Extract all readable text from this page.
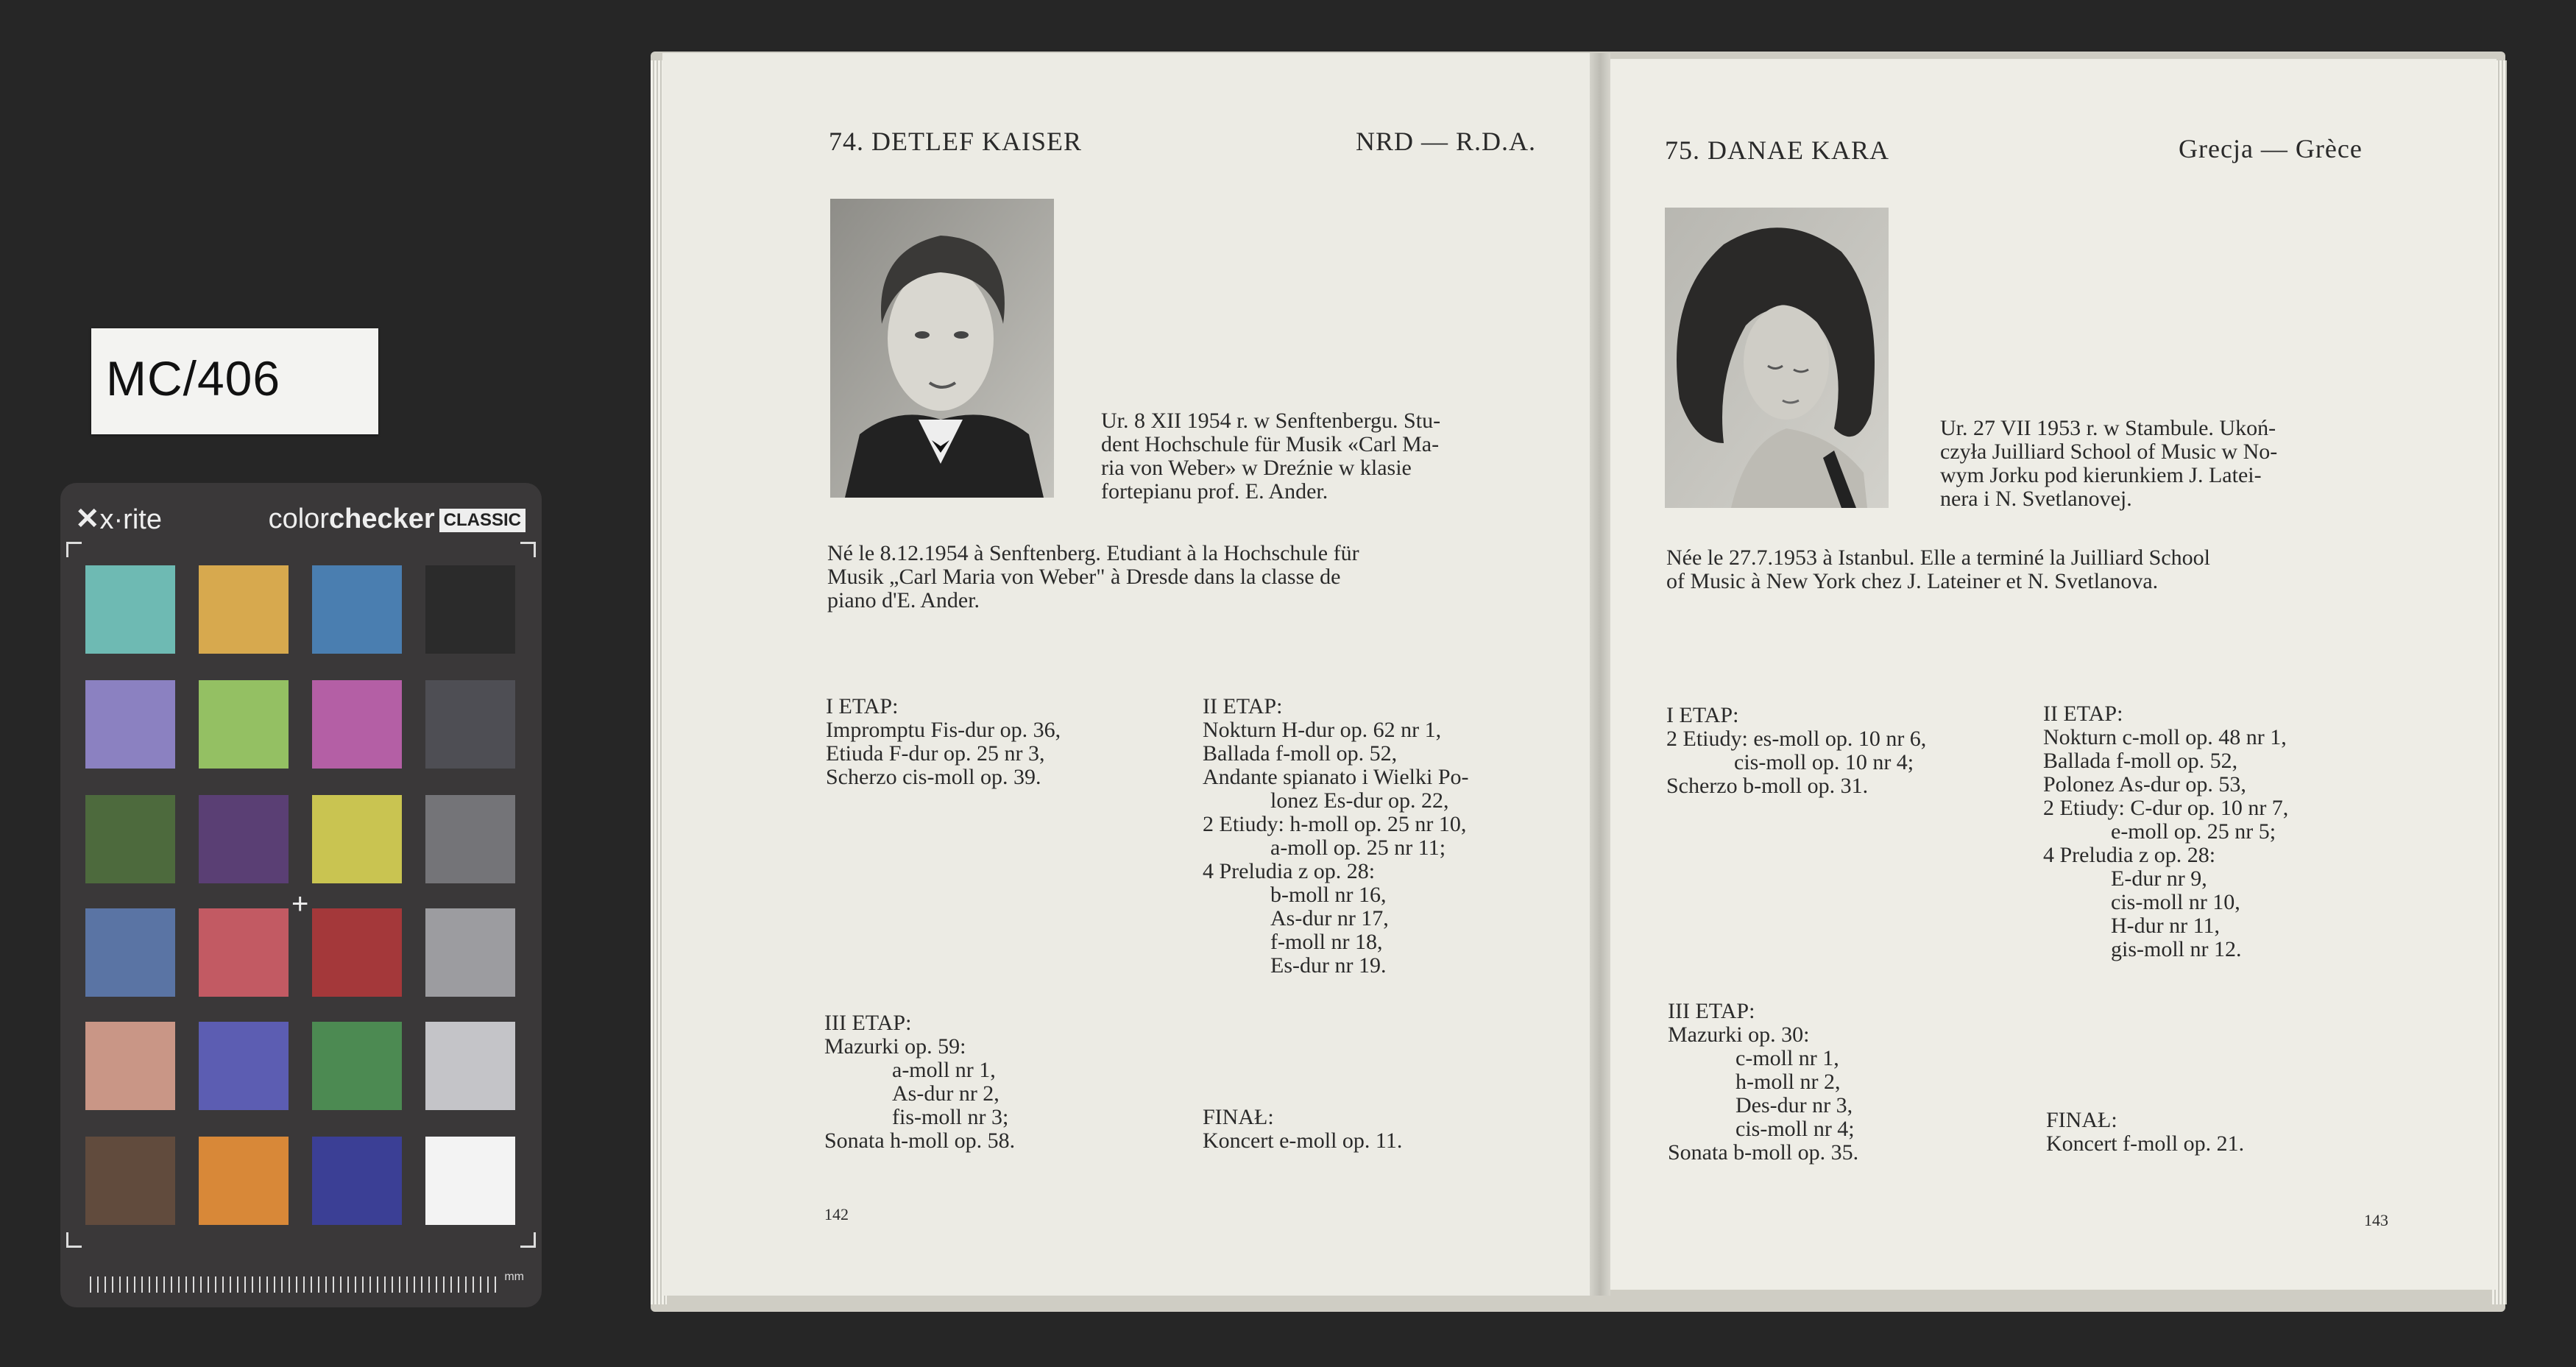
MC/406
✕x·rite	colorchecker CLASSIC
+
mm
74. DETLEF KAISER	NRD — R.D.A.
Ur. 8 XII 1954 r. w Senftenbergu. Stu-
dent Hochschule für Musik «Carl Ma-
ria von Weber» w Dreźnie w klasie
fortepianu prof. E. Ander.
Né le 8.12.1954 à Senftenberg. Etudiant à la Hochschule für
Musik „Carl Maria von Weber" à Dresde dans la classe de
piano d'E. Ander.
I ETAP:
Impromptu Fis-dur op. 36,
Etiuda F-dur op. 25 nr 3,
Scherzo cis-moll op. 39.
II ETAP:
Nokturn H-dur op. 62 nr 1,
Ballada f-moll op. 52,
Andante spianato i Wielki Po-
lonez Es-dur op. 22,
2 Etiudy: h-moll op. 25 nr 10,
a-moll op. 25 nr 11;
4 Preludia z op. 28:
b-moll nr 16,
As-dur nr 17,
f-moll nr 18,
Es-dur nr 19.
III ETAP:
Mazurki op. 59:
a-moll nr 1,
As-dur nr 2,
fis-moll nr 3;
Sonata h-moll op. 58.
FINAŁ:
Koncert e-moll op. 11.
142
75. DANAE KARA	Grecja — Grèce
Ur. 27 VII 1953 r. w Stambule. Ukoń-
czyła Juilliard School of Music w No-
wym Jorku pod kierunkiem J. Latei-
nera i N. Svetlanovej.
Née le 27.7.1953 à Istanbul. Elle a terminé la Juilliard School
of Music à New York chez J. Lateiner et N. Svetlanova.
I ETAP:
2 Etiudy: es-moll op. 10 nr 6,
cis-moll op. 10 nr 4;
Scherzo b-moll op. 31.
II ETAP:
Nokturn c-moll op. 48 nr 1,
Ballada f-moll op. 52,
Polonez As-dur op. 53,
2 Etiudy: C-dur op. 10 nr 7,
e-moll op. 25 nr 5;
4 Preludia z op. 28:
E-dur nr 9,
cis-moll nr 10,
H-dur nr 11,
gis-moll nr 12.
III ETAP:
Mazurki op. 30:
c-moll nr 1,
h-moll nr 2,
Des-dur nr 3,
cis-moll nr 4;
Sonata b-moll op. 35.
FINAŁ:
Koncert f-moll op. 21.
143
